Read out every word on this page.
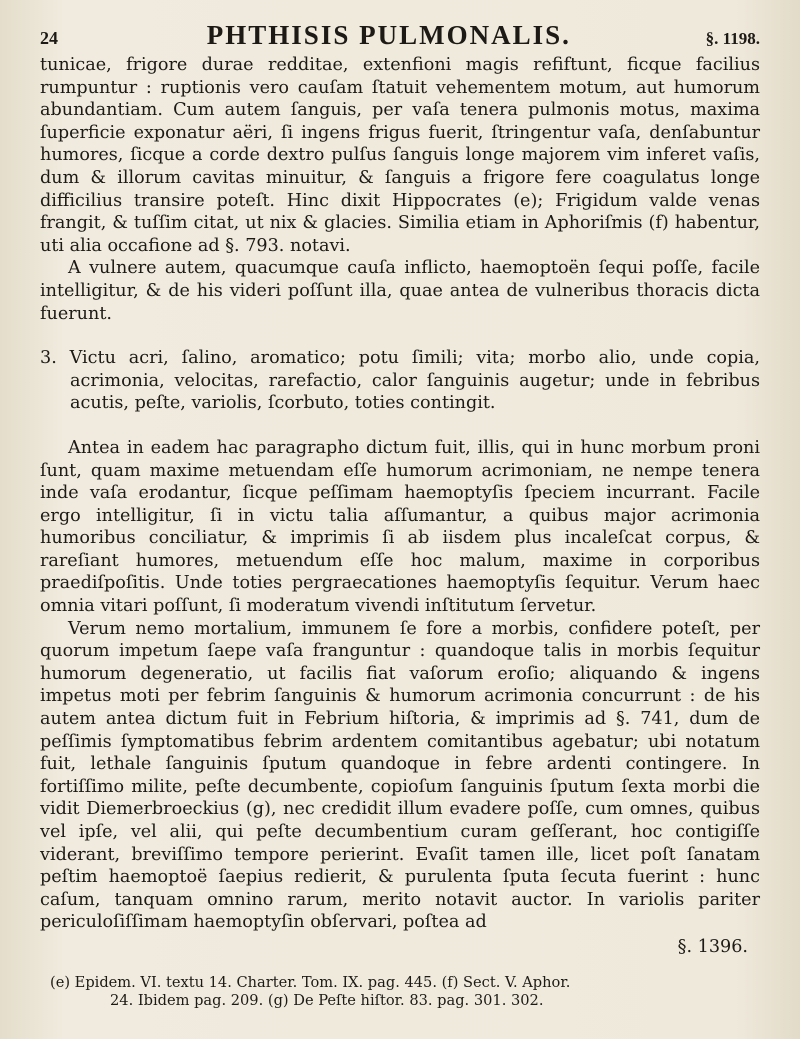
24	PHTHISIS PULMONALIS.	§. 1198.

tunicae, frigore durae redditae, extenfioni magis refiftunt, ficque facilius rumpuntur : ruptionis vero cauſam ſtatuit vehementem motum, aut humorum abundantiam. Cum autem ſanguis, per vaſa tenera pulmonis motus, maxima ſuperficie exponatur aëri, ſi ingens frigus fuerit, ſtringentur vaſa, denſabuntur humores, ſicque a corde dextro pulſus ſanguis longe majorem vim inferet vaſis, dum & illorum cavitas minuitur, & ſanguis a frigore fere coagulatus longe difficilius transire poteſt. Hinc dixit Hippocrates (e); Frigidum valde venas frangit, & tuſſim citat, ut nix & glacies. Similia etiam in Aphoriſmis (f) habentur, uti alia occafione ad §. 793. notavi.

A vulnere autem, quacumque cauſa inflicto, haemoptoën ſequi poſſe, facile intelligitur, & de his videri poſſunt illa, quae antea de vulneribus thoracis dicta fuerunt.

3. Victu acri, ſalino, aromatico; potu ſimili; vita; morbo alio, unde copia, acrimonia, velocitas, rarefactio, calor ſanguinis augetur; unde in febribus acutis, peſte, variolis, ſcorbuto, toties contingit.

Antea in eadem hac paragrapho dictum fuit, illis, qui in hunc morbum proni ſunt, quam maxime metuendam eſſe humorum acrimoniam, ne nempe tenera inde vaſa erodantur, ſicque peſſimam haemoptyſis ſpeciem incurrant. Facile ergo intelligitur, ſi in victu talia aſſumantur, a quibus major acrimonia humoribus conciliatur, & imprimis ſi ab iisdem plus incaleſcat corpus, & rareſiant humores, metuendum eſſe hoc malum, maxime in corporibus praediſpoſitis. Unde toties pergraecationes haemoptyſis ſequitur. Verum haec omnia vitari poſſunt, ſi moderatum vivendi inſtitutum ſervetur.

Verum nemo mortalium, immunem ſe fore a morbis, confidere poteſt, per quorum impetum ſaepe vaſa franguntur : quandoque talis in morbis ſequitur humorum degeneratio, ut facilis fiat vaſorum eroſio; aliquando & ingens impetus moti per febrim ſanguinis & humorum acrimonia concurrunt : de his autem antea dictum fuit in Febrium hiſtoria, & imprimis ad §. 741, dum de peſſimis ſymptomatibus febrim ardentem comitantibus agebatur; ubi notatum fuit, lethale ſanguinis ſputum quandoque in febre ardenti contingere. In fortiſſimo milite, peſte decumbente, copioſum ſanguinis ſputum ſexta morbi die vidit Diemerbroeckius (g), nec credidit illum evadere poſſe, cum omnes, quibus vel ipſe, vel alii, qui peſte decumbentium curam geſſerant, hoc contigiſſe viderant, breviſſimo tempore perierint. Evaſit tamen ille, licet poſt ſanatam peſtim haemoptoë ſaepius redierit, & purulenta ſputa ſecuta fuerint : hunc caſum, tanquam omnino rarum, merito notavit auctor. In variolis pariter periculoſiſſimam haemoptyſin obſervari, poſtea ad

§. 1396.
(e) Epidem. VI. textu 14. Charter. Tom. IX. pag. 445. (f) Sect. V. Aphor.
24. Ibidem pag. 209. (g) De Peſte hiſtor. 83. pag. 301. 302.
